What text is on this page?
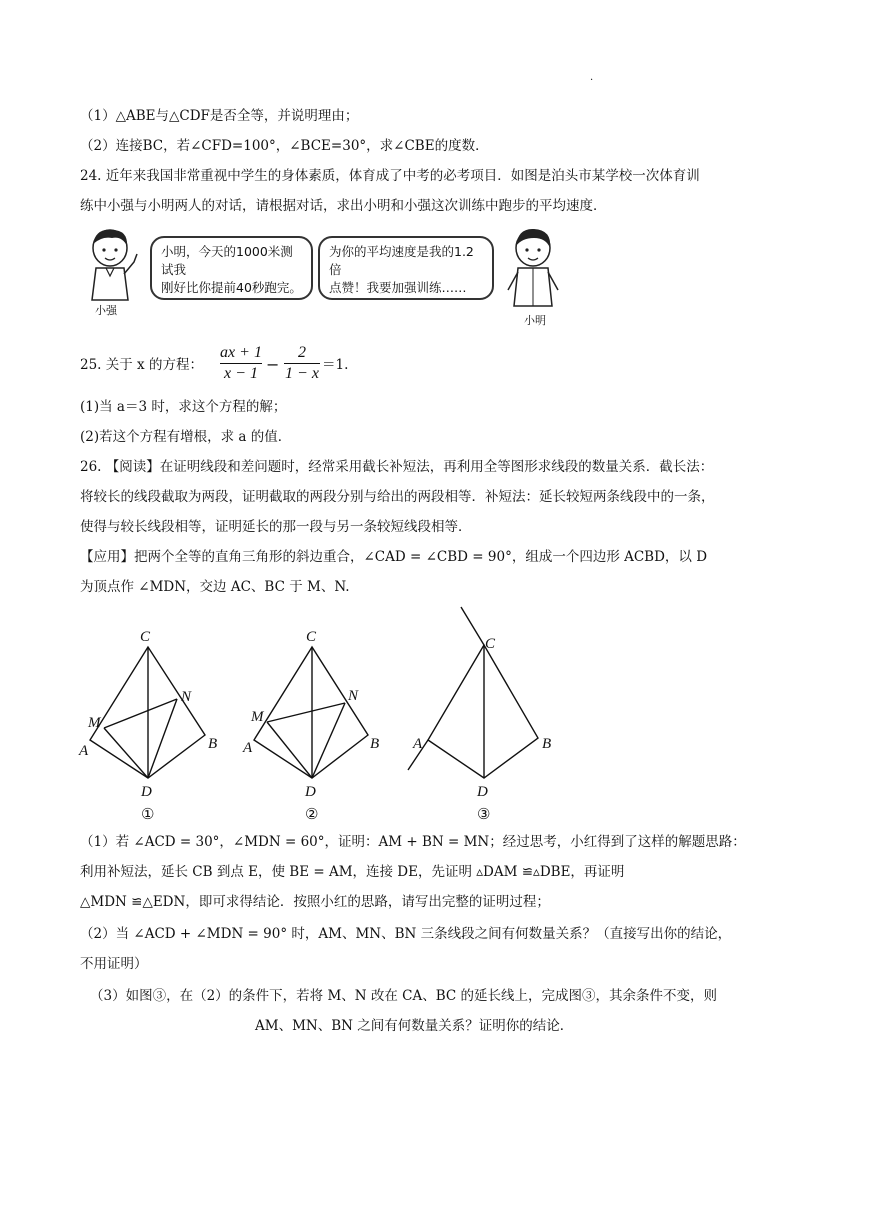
.
（1）△ABE与△CDF是否全等，并说明理由；
（2）连接BC，若∠CFD=100°，∠BCE=30°，求∠CBE的度数．
24. 近年来我国非常重视中学生的身体素质，体育成了中考的必考项目．如图是泊头市某学校一次体育训
练中小强与小明两人的对话，请根据对话，求出小明和小强这次训练中跑步的平均速度．
小强
小明，今天的1000米测试我
刚好比你提前40秒跑完。
为你的平均速度是我的1.2倍
点赞！我要加强训练……
小明
25. 关于 x 的方程：
ax + 1
x − 1 −
2
1 − x ＝1.
(1)当 a＝3 时，求这个方程的解；
(2)若这个方程有增根，求 a 的值．
26. 【阅读】在证明线段和差问题时，经常采用截长补短法，再利用全等图形求线段的数量关系．截长法：
将较长的线段截取为两段，证明截取的两段分别与给出的两段相等．补短法：延长较短两条线段中的一条，
使得与较长线段相等，证明延长的那一段与另一条较短线段相等．
【应用】把两个全等的直角三角形的斜边重合，∠CAD = ∠CBD = 90°，组成一个四边形 ACBD，以 D
为顶点作 ∠MDN，交边 AC、BC 于 M、N.
C
N
M
A	B
D
①
C
N
M
A	B
D
②
C
A	B
D
③
（1）若 ∠ACD = 30°，∠MDN = 60°，证明：AM + BN = MN；经过思考，小红得到了这样的解题思路：
利用补短法，延长 CB 到点 E，使 BE = AM，连接 DE，先证明 ▵DAM ≌▵DBE，再证明
△MDN ≌△EDN，即可求得结论．按照小红的思路，请写出完整的证明过程；
（2）当 ∠ACD + ∠MDN = 90° 时，AM、MN、BN 三条线段之间有何数量关系？（直接写出你的结论，
不用证明）
（3）如图③，在（2）的条件下，若将 M、N 改在 CA、BC 的延长线上，完成图③，其余条件不变，则
AM、MN、BN 之间有何数量关系？证明你的结论．
